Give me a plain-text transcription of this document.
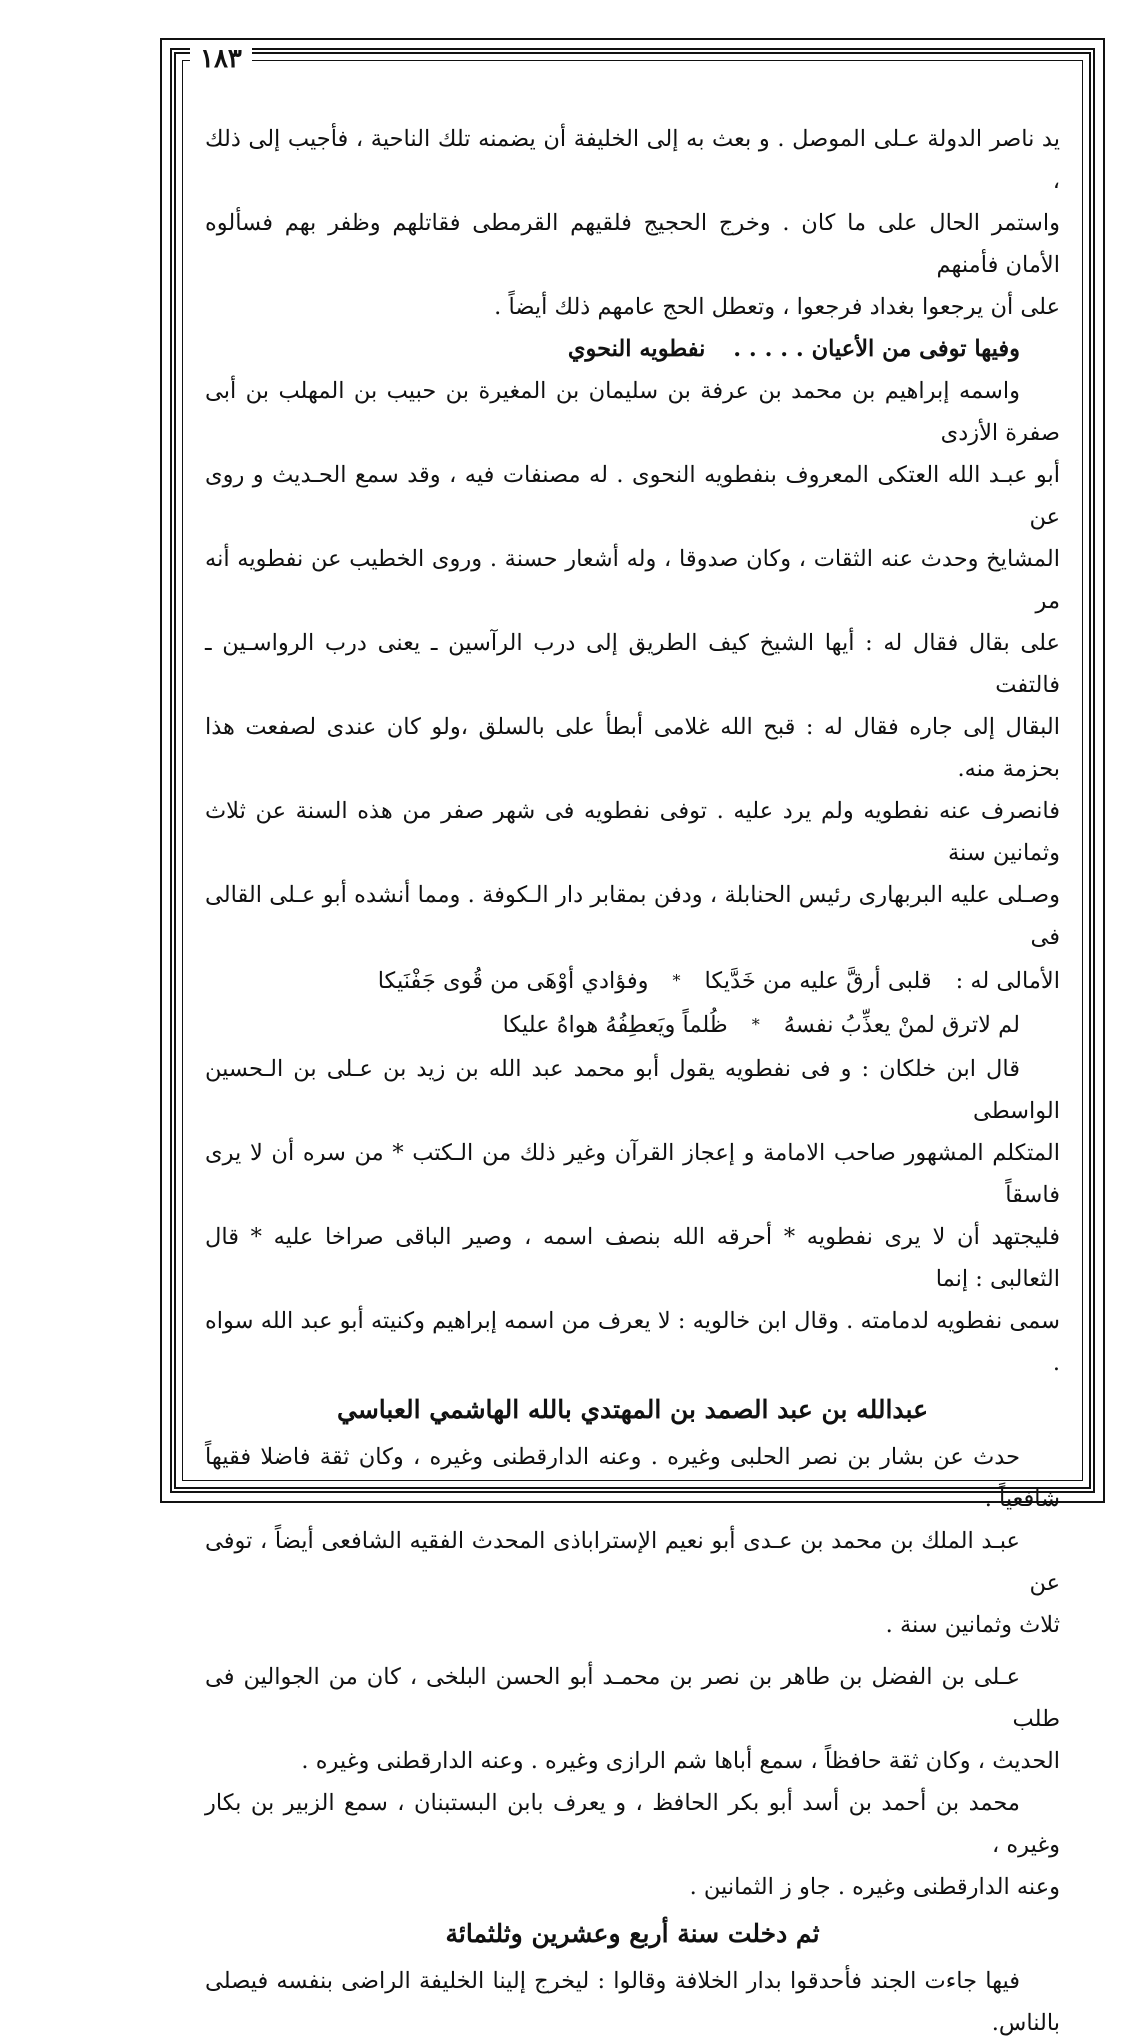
١٨٣

يد ناصر الدولة عـلى الموصل . و بعث به إلى الخليفة أن يضمنه تلك الناحية ، فأجيب إلى ذلك ،

واستمر الحال على ما كان . وخرج الحجيج فلقيهم القرمطى فقاتلهم وظفر بهم فسألوه الأمان فأمنهم

على أن يرجعوا بغداد فرجعوا ، وتعطل الحج عامهم ذلك أيضاً .

وفيها توفى من الأعيان . . . . . نفطويه النحوي

واسمه إبراهيم بن محمد بن عرفة بن سليمان بن المغيرة بن حبيب بن المهلب بن أبى صفرة الأزدى

أبو عبـد الله العتكى المعروف بنفطويه النحوى . له مصنفات فيه ، وقد سمع الحـديث و روى عن

المشايخ وحدث عنه الثقات ، وكان صدوقا ، وله أشعار حسنة . وروى الخطيب عن نفطويه أنه مر

على بقال فقال له : أيها الشيخ كيف الطريق إلى درب الرآسين ـ يعنى درب الرواسـين ـ فالتفت

البقال إلى جاره فقال له : قبح الله غلامى أبطأ على بالسلق ،ولو كان عندى لصفعت هذا بحزمة منه.

فانصرف عنه نفطويه ولم يرد عليه . توفى نفطويه فى شهر صفر من هذه السنة عن ثلاث وثمانين سنة

وصـلى عليه البربهارى رئيس الحنابلة ، ودفن بمقابر دار الـكوفة . ومما أنشده أبو عـلى القالى فى

الأمالى له :
قلبى أرقَّ عليه من خَدَّيكا
*
وفؤادي أوْهَى من قُوى جَفْنَيكا
لم لاترق لمنْ يعذِّبُ نفسهُ
*
ظُلماً ويَعطِفُهُ هواهُ عليكا

قال ابن خلكان : و فى نفطويه يقول أبو محمد عبد الله بن زيد بن عـلى بن الـحسين الواسطى

المتكلم المشهور صاحب الامامة و إعجاز القرآن وغير ذلك من الـكتب * من سره أن لا يرى فاسقاً

فليجتهد أن لا يرى نفطويه * أحرقه الله بنصف اسمه ، وصير الباقى صراخا عليه * قال الثعالبى : إنما

سمى نفطويه لدمامته . وقال ابن خالويه : لا يعرف من اسمه إبراهيم وكنيته أبو عبد الله سواه .

عبدالله بن عبد الصمد بن المهتدي بالله الهاشمي العباسي

حدث عن بشار بن نصر الحلبى وغيره . وعنه الدارقطنى وغيره ، وكان ثقة فاضلا فقيهاً شافعياً .

عبـد الملك بن محمد بن عـدى أبو نعيم الإستراباذى المحدث الفقيه الشافعى أيضاً ، توفى عن

ثلاث وثمانين سنة .

عـلى بن الفضل بن طاهر بن نصر بن محمـد أبو الحسن البلخى ، كان من الجوالين فى طلب

الحديث ، وكان ثقة حافظاً ، سمع أباها شم الرازى وغيره . وعنه الدارقطنى وغيره .

محمد بن أحمد بن أسد أبو بكر الحافظ ، و يعرف بابن البستبنان ، سمع الزبير بن بكار وغيره ،

وعنه الدارقطنى وغيره . جاو ز الثمانين .

ثم دخلت سنة أربع وعشرين وثلثمائة

فيها جاءت الجند فأحدقوا بدار الخلافة وقالوا : ليخرج إلينا الخليفة الراضى بنفسه فيصلى بالناس.
